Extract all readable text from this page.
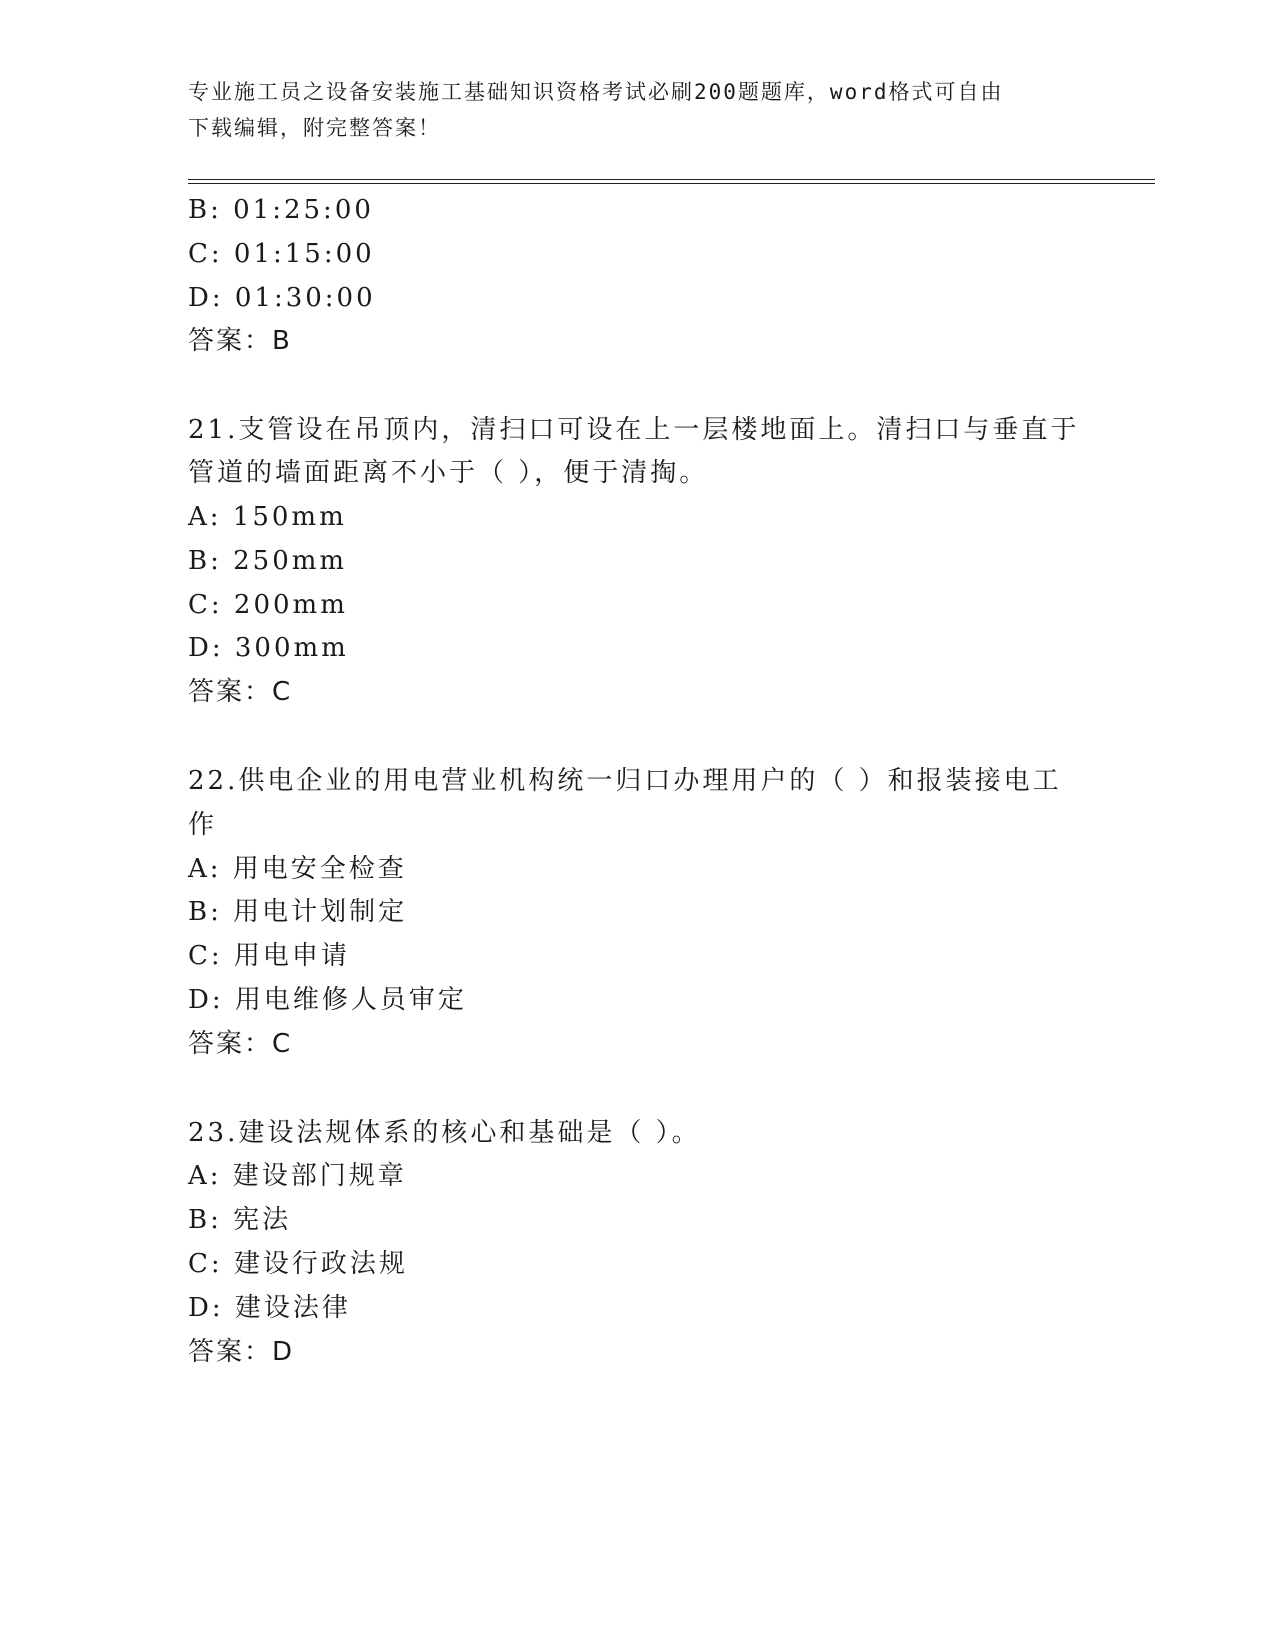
专业施工员之设备安装施工基础知识资格考试必刷200题题库，word格式可自由
下载编辑，附完整答案！
B: 01:25:00
C: 01:15:00
D: 01:30:00
答案：B
21.支管设在吊顶内，清扫口可设在上一层楼地面上。清扫口与垂直于
管道的墙面距离不小于（ ），便于清掏。
A: 150mm
B: 250mm
C: 200mm
D: 300mm
答案：C
22.供电企业的用电营业机构统一归口办理用户的（ ）和报装接电工
作
A: 用电安全检查
B: 用电计划制定
C: 用电申请
D: 用电维修人员审定
答案：C
23.建设法规体系的核心和基础是（ ）。
A: 建设部门规章
B: 宪法
C: 建设行政法规
D: 建设法律
答案：D
